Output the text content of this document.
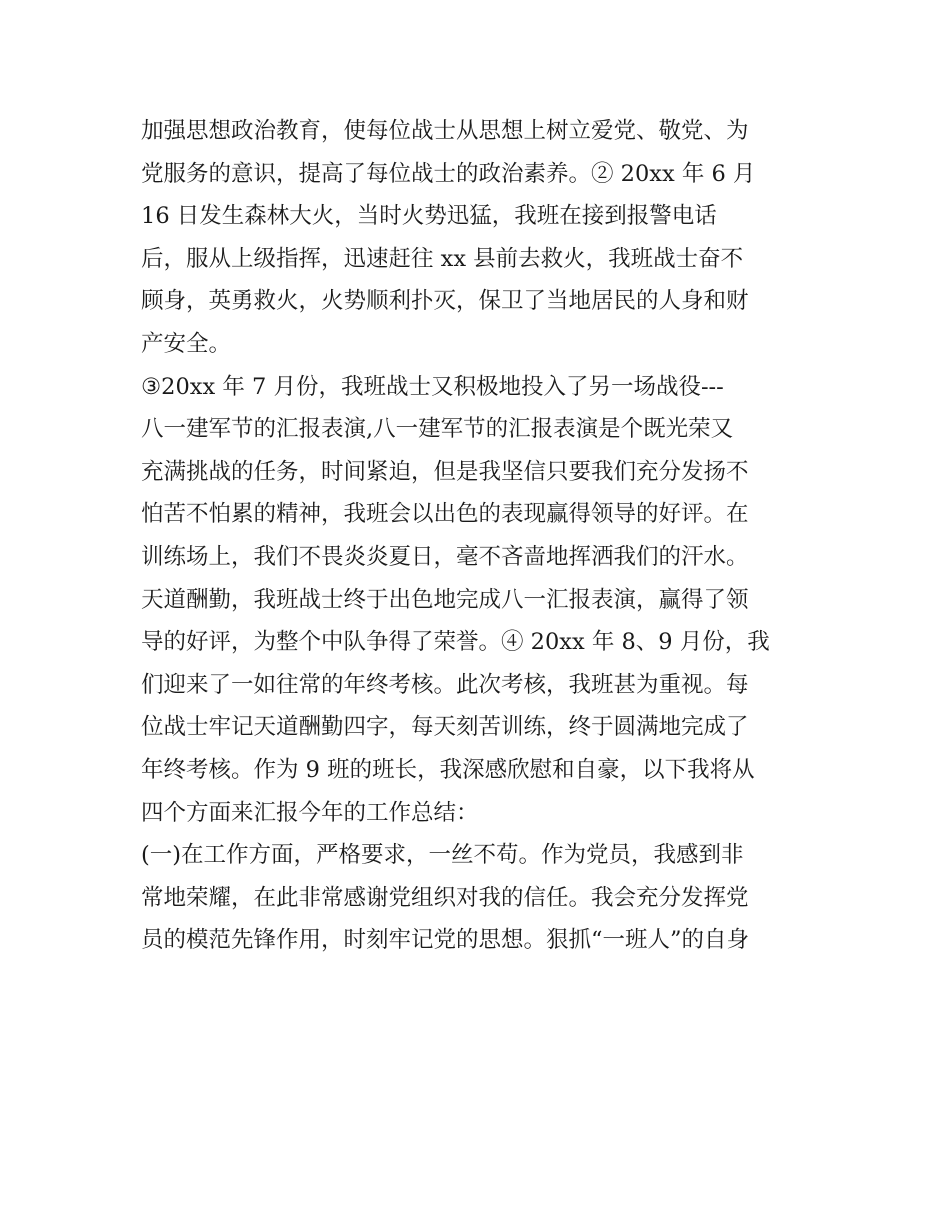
加强思想政治教育，使每位战士从思想上树立爱党、敬党、为
党服务的意识，提高了每位战士的政治素养。② 20xx 年 6 月
16 日发生森林大火，当时火势迅猛，我班在接到报警电话
后，服从上级指挥，迅速赶往 xx 县前去救火，我班战士奋不
顾身，英勇救火，火势顺利扑灭，保卫了当地居民的人身和财
产安全。
③20xx 年 7 月份，我班战士又积极地投入了另一场战役---
八一建军节的汇报表演,八一建军节的汇报表演是个既光荣又
充满挑战的任务，时间紧迫，但是我坚信只要我们充分发扬不
怕苦不怕累的精神，我班会以出色的表现赢得领导的好评。在
训练场上，我们不畏炎炎夏日，毫不吝啬地挥洒我们的汗水。
天道酬勤，我班战士终于出色地完成八一汇报表演，赢得了领
导的好评，为整个中队争得了荣誉。④ 20xx 年 8、9 月份，我
们迎来了一如往常的年终考核。此次考核，我班甚为重视。每
位战士牢记天道酬勤四字，每天刻苦训练，终于圆满地完成了
年终考核。作为 9 班的班长，我深感欣慰和自豪，以下我将从
四个方面来汇报今年的工作总结：
(一)在工作方面，严格要求，一丝不苟。作为党员，我感到非
常地荣耀，在此非常感谢党组织对我的信任。我会充分发挥党
员的模范先锋作用，时刻牢记党的思想。狠抓“一班人”的自身
